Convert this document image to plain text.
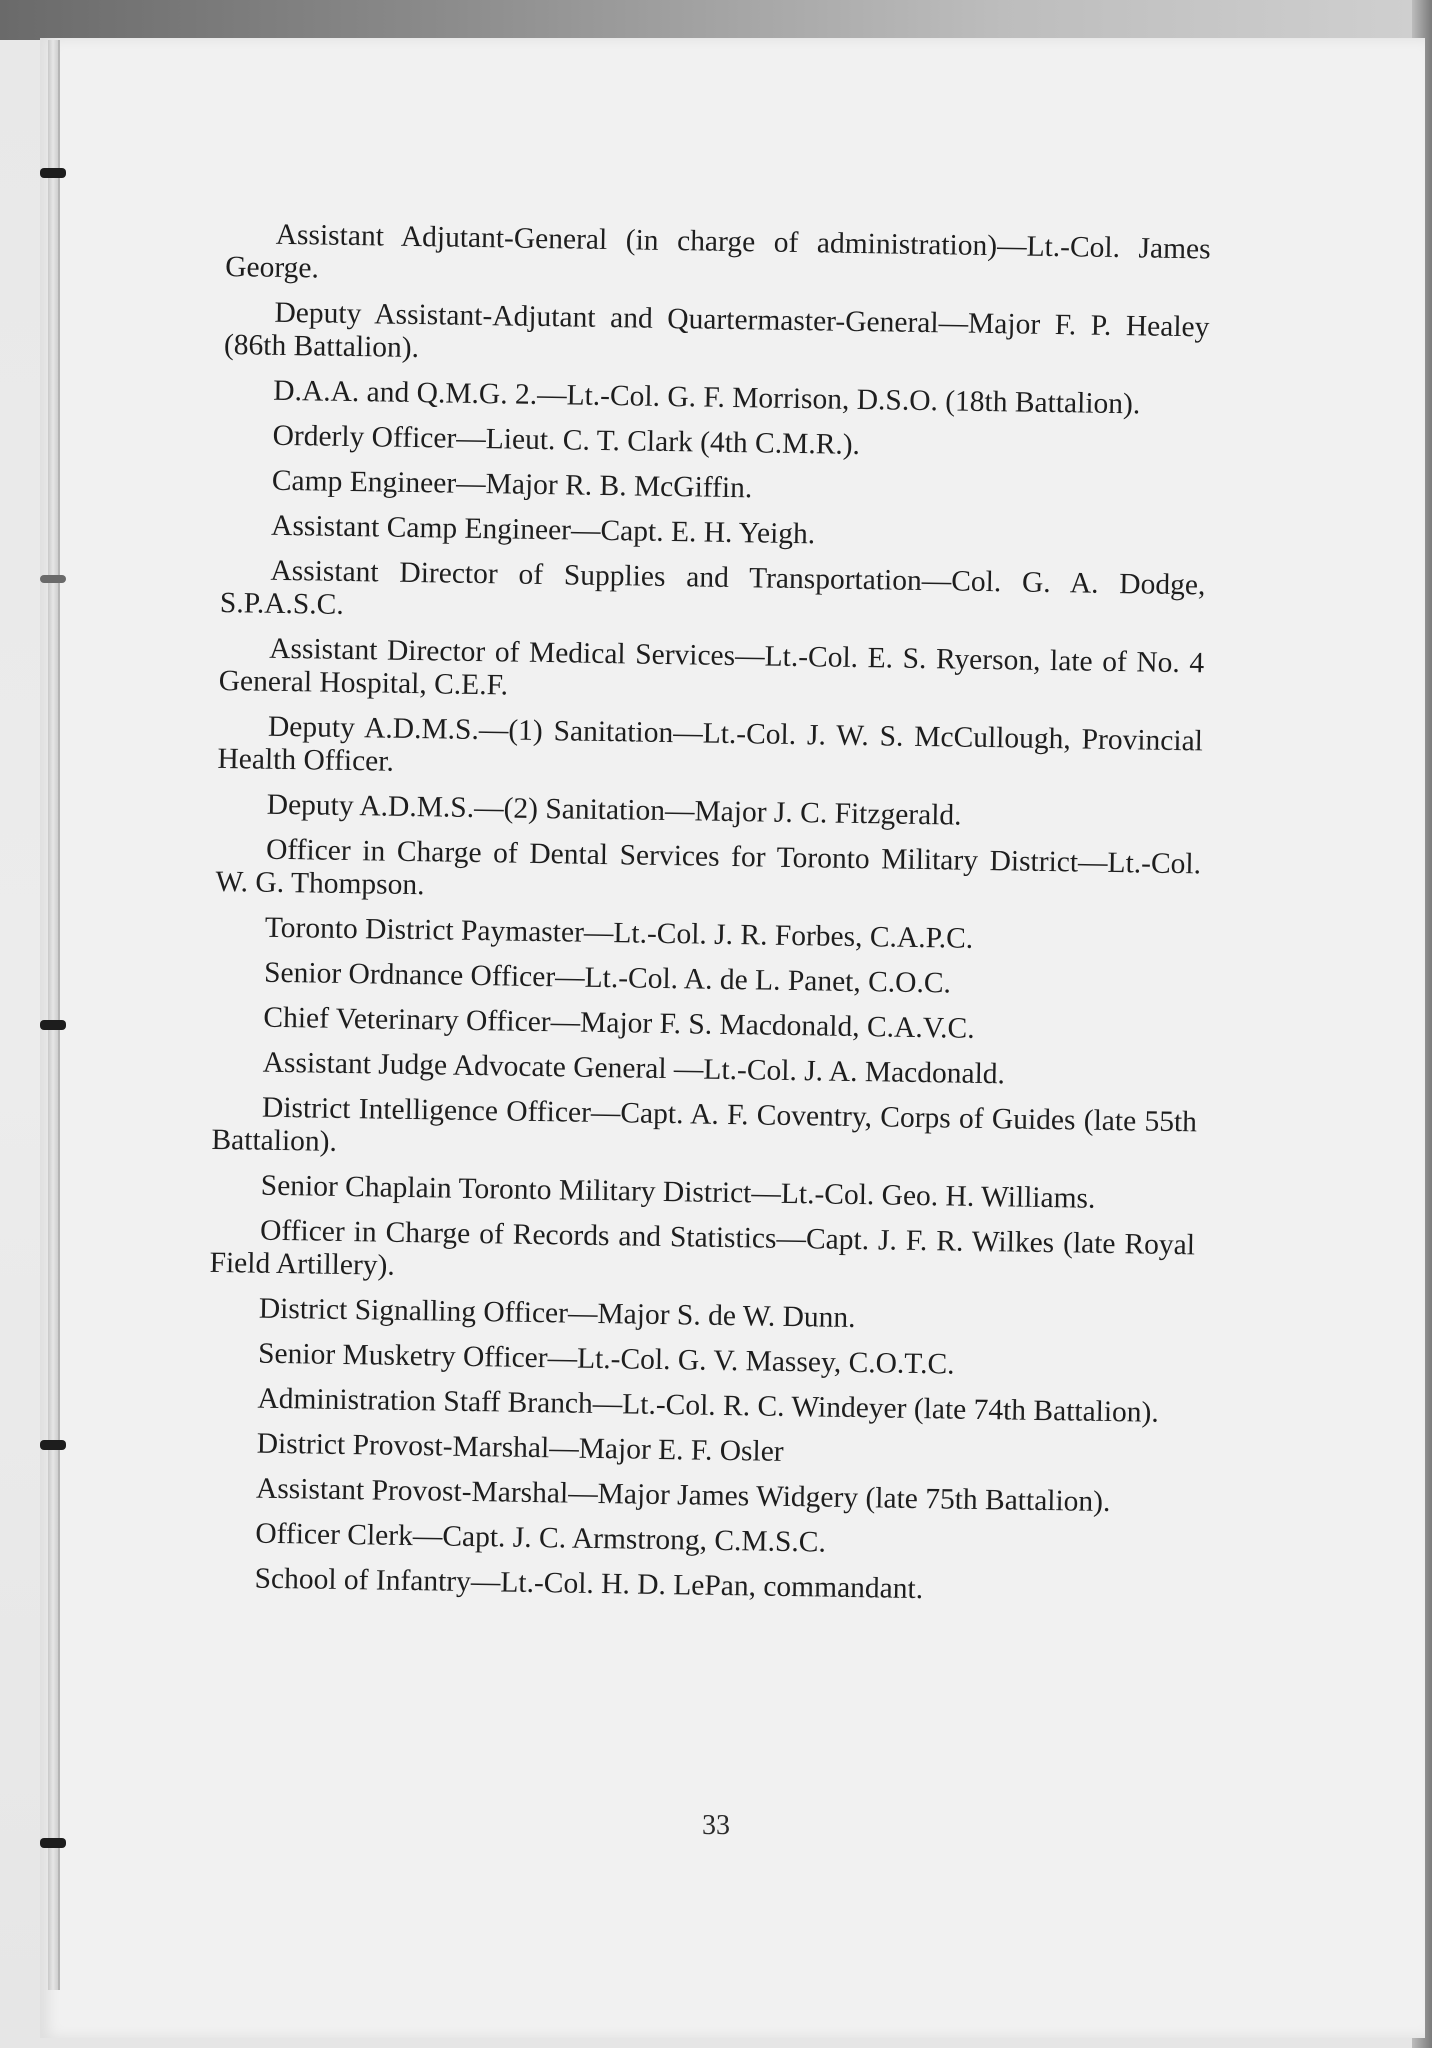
Assistant Adjutant-General (in charge of administration)—Lt.-Col. James George.

Deputy Assistant-Adjutant and Quartermaster-General—Major F. P. Healey (86th Battalion).

D.A.A. and Q.M.G. 2.—Lt.-Col. G. F. Morrison, D.S.O. (18th Battalion).

Orderly Officer—Lieut. C. T. Clark (4th C.M.R.).

Camp Engineer—Major R. B. McGiffin.

Assistant Camp Engineer—Capt. E. H. Yeigh.

Assistant Director of Supplies and Transportation—Col. G. A. Dodge, S.P.A.S.C.

Assistant Director of Medical Services—Lt.-Col. E. S. Ryerson, late of No. 4 General Hospital, C.E.F.

Deputy A.D.M.S.—(1) Sanitation—Lt.-Col. J. W. S. McCullough, Provincial Health Officer.

Deputy A.D.M.S.—(2) Sanitation—Major J. C. Fitzgerald.

Officer in Charge of Dental Services for Toronto Military District—Lt.-Col. W. G. Thompson.

Toronto District Paymaster—Lt.-Col. J. R. Forbes, C.A.P.C.

Senior Ordnance Officer—Lt.-Col. A. de L. Panet, C.O.C.

Chief Veterinary Officer—Major F. S. Macdonald, C.A.V.C.

Assistant Judge Advocate General —Lt.-Col. J. A. Macdonald.

District Intelligence Officer—Capt. A. F. Coventry, Corps of Guides (late 55th Battalion).

Senior Chaplain Toronto Military District—Lt.-Col. Geo. H. Williams.

Officer in Charge of Records and Statistics—Capt. J. F. R. Wilkes (late Royal Field Artillery).

District Signalling Officer—Major S. de W. Dunn.

Senior Musketry Officer—Lt.-Col. G. V. Massey, C.O.T.C.

Administration Staff Branch—Lt.-Col. R. C. Windeyer (late 74th Battalion).

District Provost-Marshal—Major E. F. Osler

Assistant Provost-Marshal—Major James Widgery (late 75th Battalion).

Officer Clerk—Capt. J. C. Armstrong, C.M.S.C.

School of Infantry—Lt.-Col. H. D. LePan, commandant.

33
